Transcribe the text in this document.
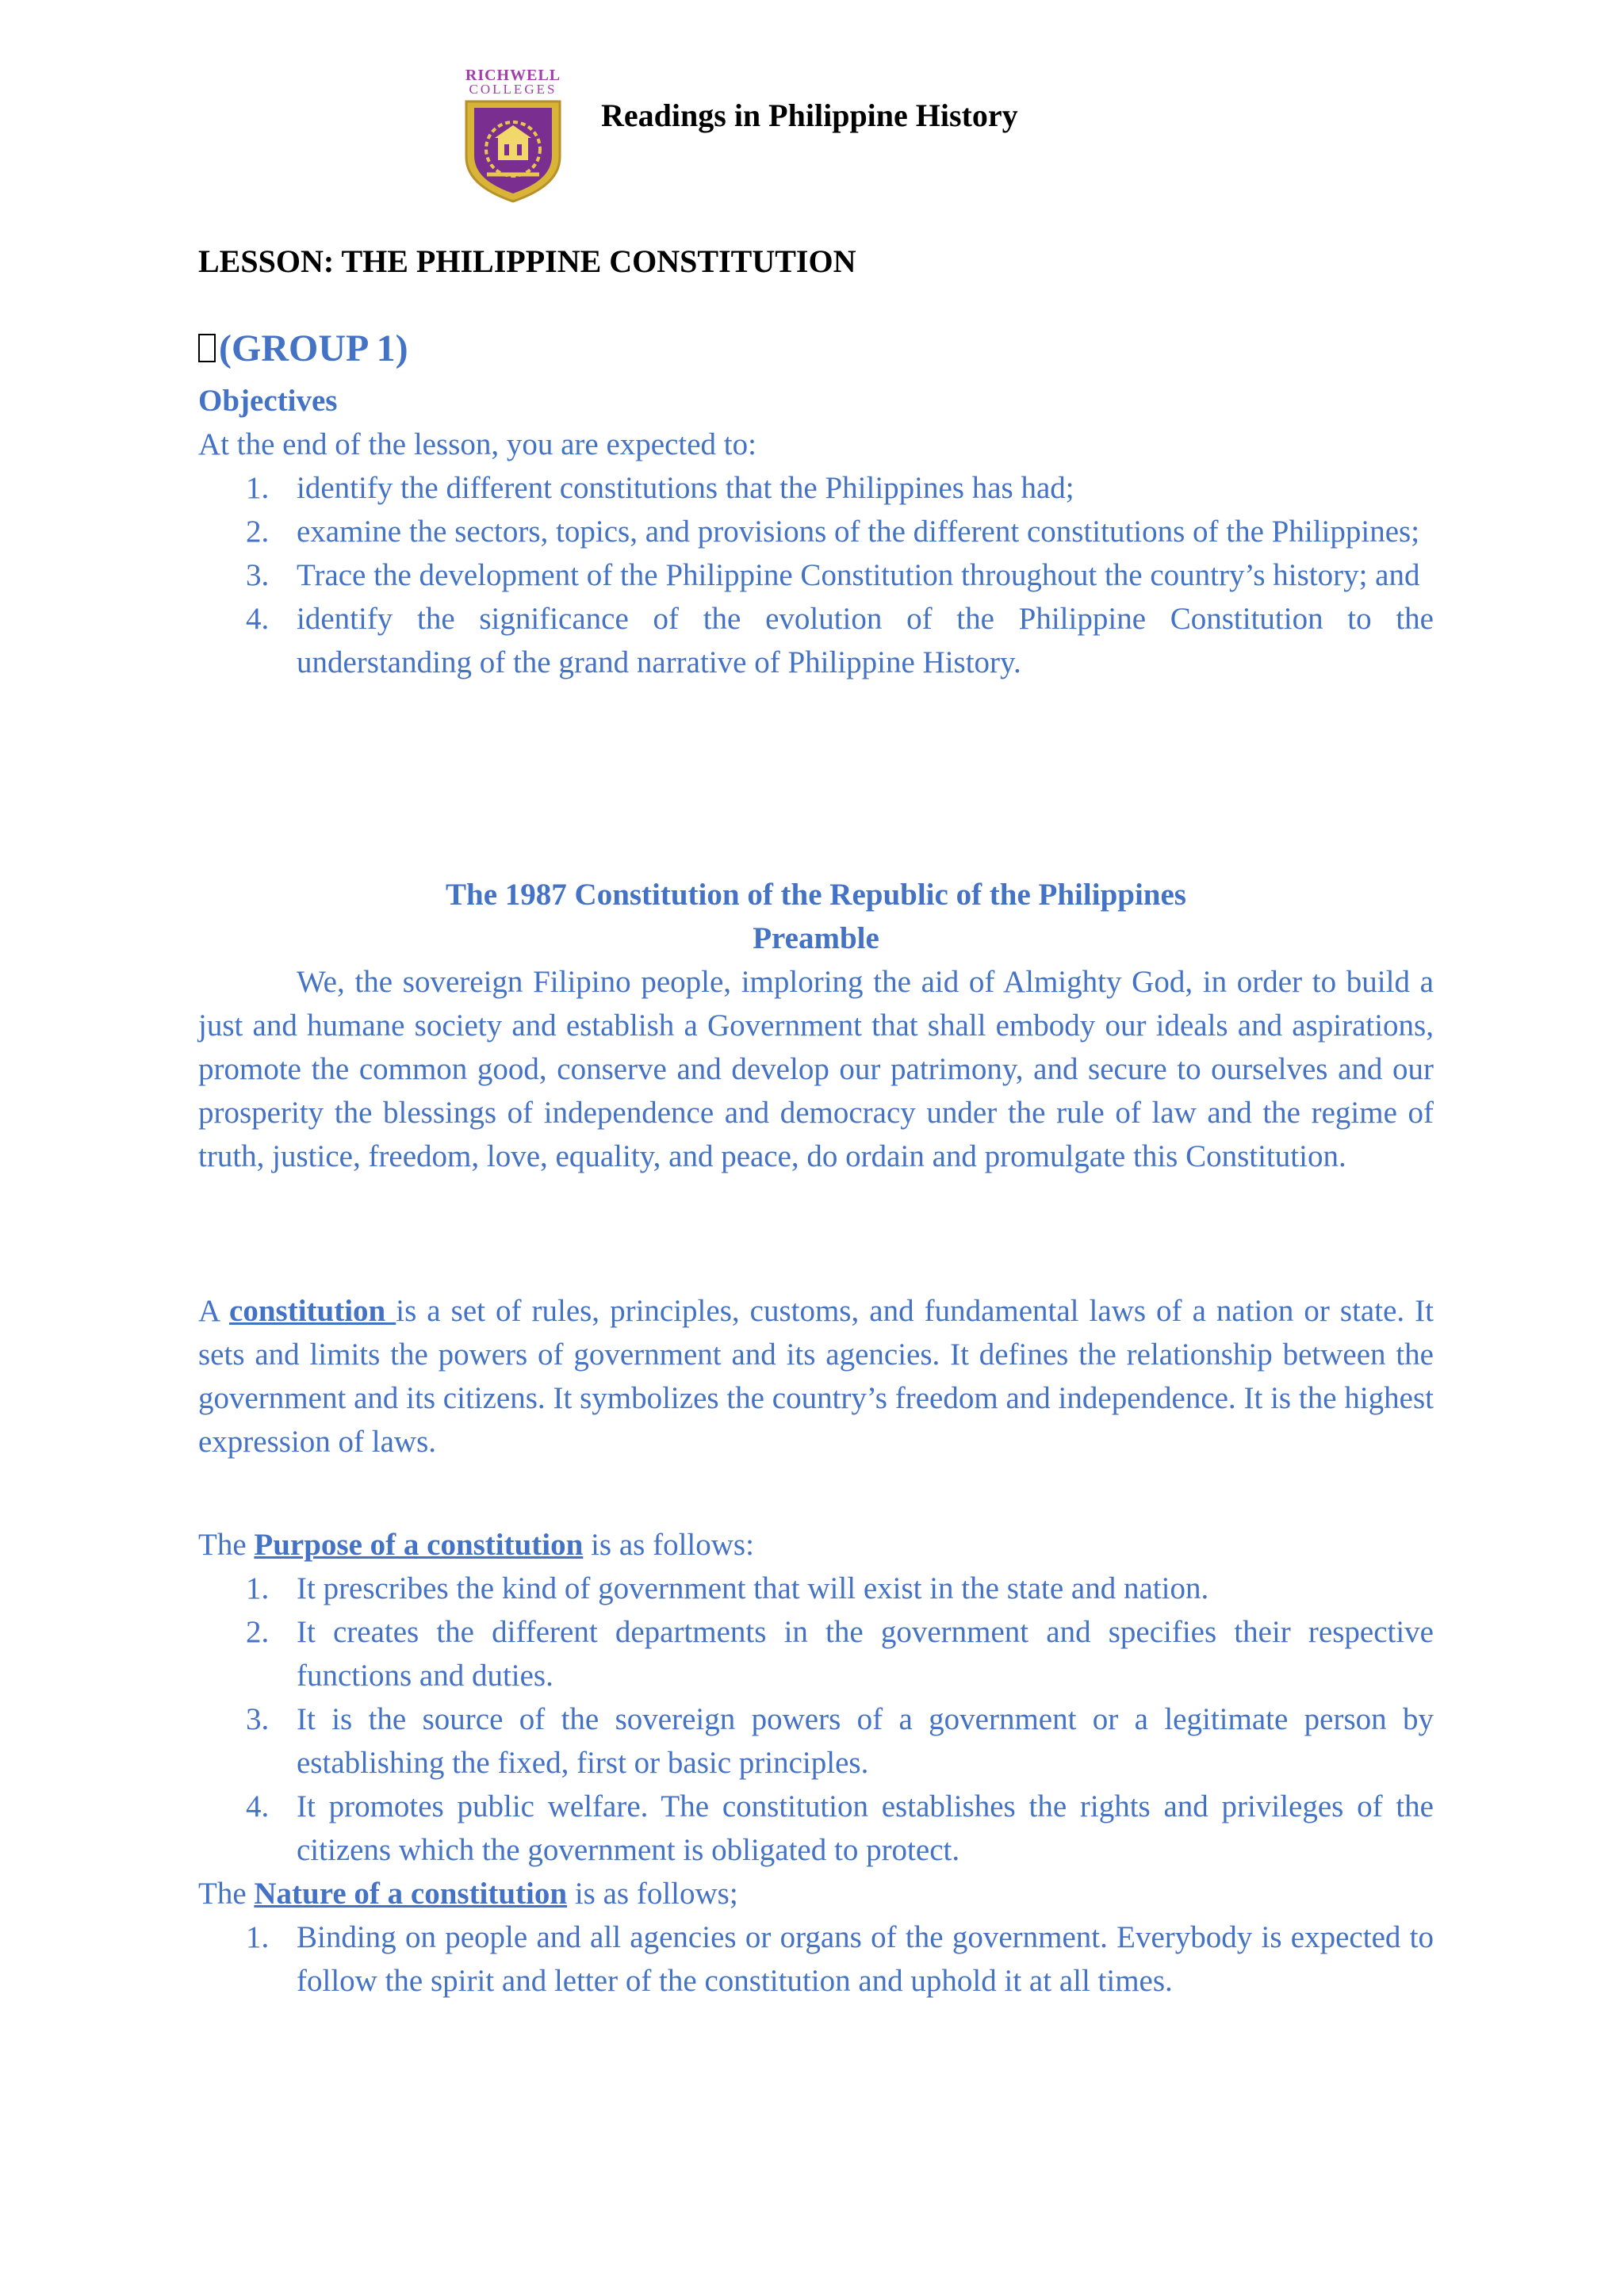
RICHWELL
COLLEGES
Readings in Philippine History
LESSON: THE PHILIPPINE CONSTITUTION
(GROUP 1)
Objectives
At the end of the lesson, you are expected to:
1. identify the different constitutions that the Philippines has had;
2. examine the sectors, topics, and provisions of the different constitutions of the Philippines;
3. Trace the development of the Philippine Constitution throughout the country’s history; and
4. identify the significance of the evolution of the Philippine Constitution to the understanding of the grand narrative of Philippine History.
The 1987 Constitution of the Republic of the Philippines
Preamble
We, the sovereign Filipino people, imploring the aid of Almighty God, in order to build a just and humane society and establish a Government that shall embody our ideals and aspirations, promote the common good, conserve and develop our patrimony, and secure to ourselves and our prosperity the blessings of independence and democracy under the rule of law and the regime of truth, justice, freedom, love, equality, and peace, do ordain and promulgate this Constitution.
A constitution is a set of rules, principles, customs, and fundamental laws of a nation or state. It sets and limits the powers of government and its agencies. It defines the relationship between the government and its citizens. It symbolizes the country’s freedom and independence. It is the highest expression of laws.
The Purpose of a constitution is as follows:
1. It prescribes the kind of government that will exist in the state and nation.
2. It creates the different departments in the government and specifies their respective functions and duties.
3. It is the source of the sovereign powers of a government or a legitimate person by establishing the fixed, first or basic principles.
4. It promotes public welfare. The constitution establishes the rights and privileges of the citizens which the government is obligated to protect.
The Nature of a constitution is as follows;
1. Binding on people and all agencies or organs of the government. Everybody is expected to follow the spirit and letter of the constitution and uphold it at all times.
